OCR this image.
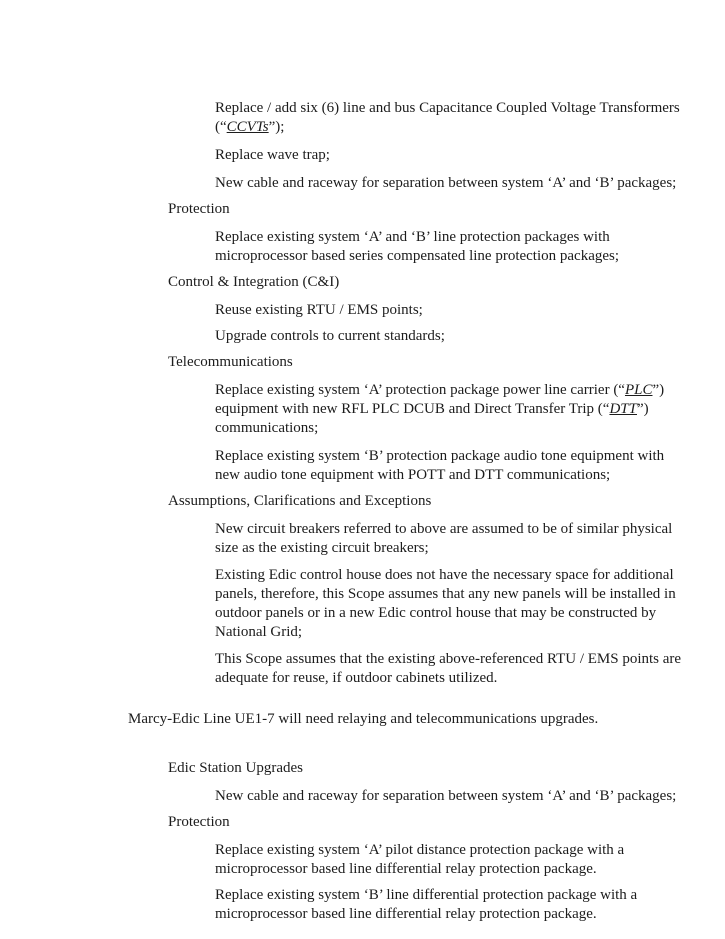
Replace / add six (6) line and bus Capacitance Coupled Voltage Transformers
(“CCVTs”);
Replace wave trap;
New cable and raceway for separation between system ‘A’ and ‘B’ packages;
Protection
Replace existing system ‘A’ and ‘B’ line protection packages with
microprocessor based series compensated line protection packages;
Control & Integration (C&I)
Reuse existing RTU / EMS points;
Upgrade controls to current standards;
Telecommunications
Replace existing system ‘A’ protection package power line carrier (“PLC”)
equipment with new RFL PLC DCUB and Direct Transfer Trip (“DTT”)
communications;
Replace existing system ‘B’ protection package audio tone equipment with
new audio tone equipment with POTT and DTT communications;
Assumptions, Clarifications and Exceptions
New circuit breakers referred to above are assumed to be of similar physical
size as the existing circuit breakers;
Existing Edic control house does not have the necessary space for additional
panels, therefore, this Scope assumes that any new panels will be installed in
outdoor panels or in a new Edic control house that may be constructed by
National Grid;
This Scope assumes that the existing above-referenced RTU / EMS points are
adequate for reuse, if outdoor cabinets utilized.
Marcy-Edic Line UE1-7 will need relaying and telecommunications upgrades.
Edic Station Upgrades
New cable and raceway for separation between system ‘A’ and ‘B’ packages;
Protection
Replace existing system ‘A’ pilot distance protection package with a
microprocessor based line differential relay protection package.
Replace existing system ‘B’ line differential protection package with a
microprocessor based line differential relay protection package.
